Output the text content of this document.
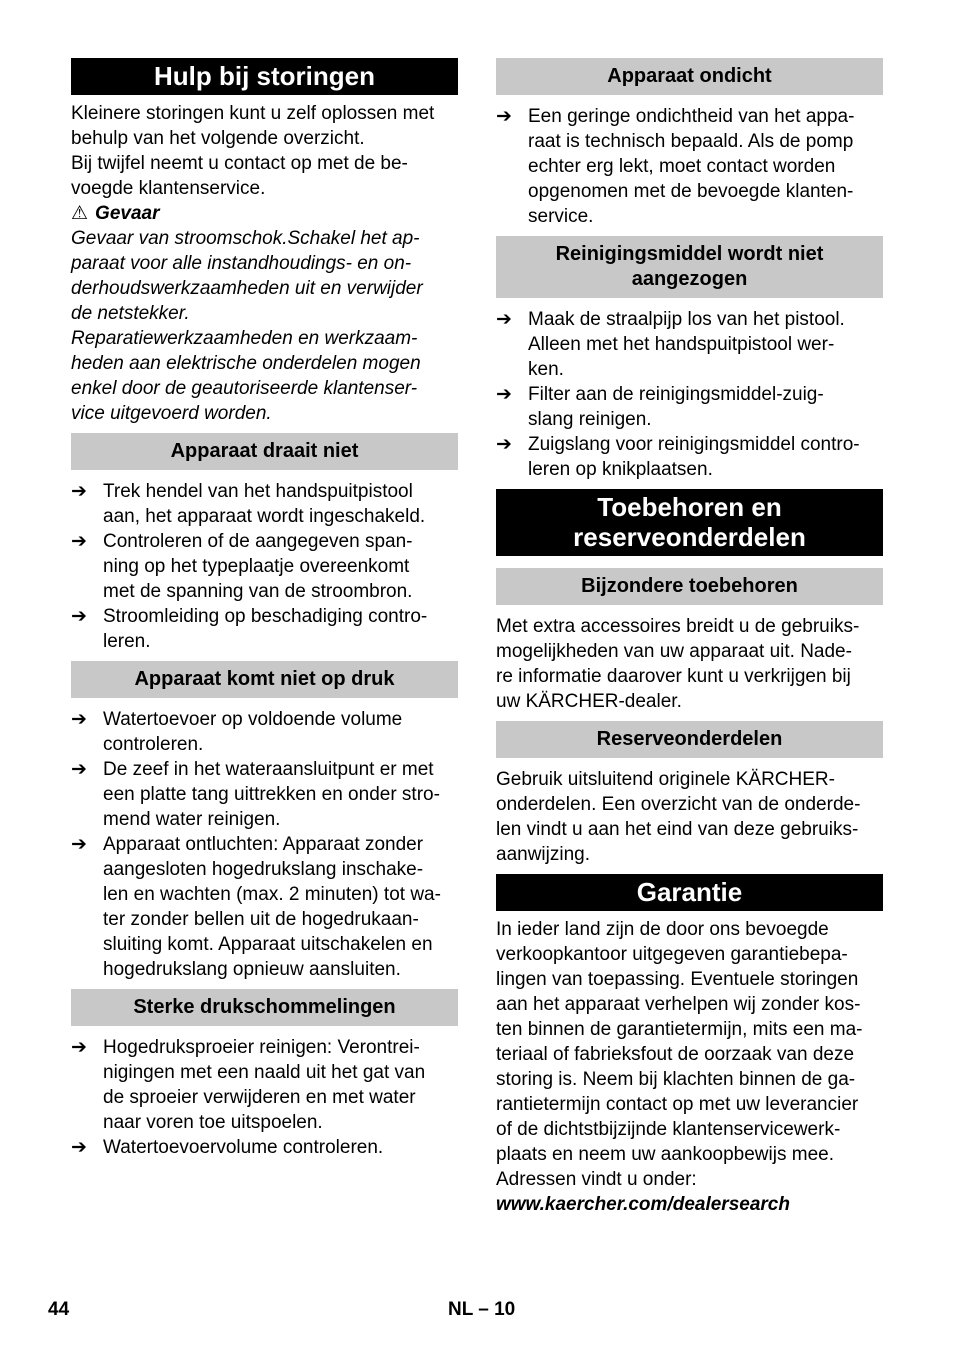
Hulp bij storingen

Kleinere storingen kunt u zelf oplossen met
behulp van het volgende overzicht.
Bij twijfel neemt u contact op met de be-
voegde klantenservice.

⚠ Gevaar

Gevaar van stroomschok.Schakel het ap-
paraat voor alle instandhoudings- en on-
derhoudswerkzaamheden uit en verwijder
de netstekker.
Reparatiewerkzaamheden en werkzaam-
heden aan elektrische onderdelen mogen
enkel door de geautoriseerde klantenser-
vice uitgevoerd worden.

Apparaat draait niet
➔ Trek hendel van het handspuitpistool
aan, het apparaat wordt ingeschakeld.
➔ Controleren of de aangegeven span-
ning op het typeplaatje overeenkomt
met de spanning van de stroombron.
➔ Stroomleiding op beschadiging contro-
leren.
Apparaat komt niet op druk
➔ Watertoevoer op voldoende volume
controleren.
➔ De zeef in het wateraansluitpunt er met
een platte tang uittrekken en onder stro-
mend water reinigen.
➔ Apparaat ontluchten: Apparaat zonder
aangesloten hogedrukslang inschake-
len en wachten (max. 2 minuten) tot wa-
ter zonder bellen uit de hogedrukaan-
sluiting komt. Apparaat uitschakelen en
hogedrukslang opnieuw aansluiten.
Sterke drukschommelingen
➔ Hogedruksproeier reinigen: Verontrei-
nigingen met een naald uit het gat van
de sproeier verwijderen en met water
naar voren toe uitspoelen.
➔ Watertoevoervolume controleren.
Apparaat ondicht
➔ Een geringe ondichtheid van het appa-
raat is technisch bepaald. Als de pomp
echter erg lekt, moet contact worden
opgenomen met de bevoegde klanten-
service.
Reinigingsmiddel wordt niet
aangezogen
➔ Maak de straalpijp los van het pistool.
Alleen met het handspuitpistool wer-
ken.
➔ Filter aan de reinigingsmiddel-zuig-
slang reinigen.
➔ Zuigslang voor reinigingsmiddel contro-
leren op knikplaatsen.
Toebehoren en
reserveonderdelen
Bijzondere toebehoren

Met extra accessoires breidt u de gebruiks-
mogelijkheden van uw apparaat uit. Nade-
re informatie daarover kunt u verkrijgen bij
uw KÄRCHER-dealer.

Reserveonderdelen

Gebruik uitsluitend originele KÄRCHER-
onderdelen. Een overzicht van de onderde-
len vindt u aan het eind van deze gebruiks-
aanwijzing.

Garantie

In ieder land zijn de door ons bevoegde
verkoopkantoor uitgegeven garantiebepa-
lingen van toepassing. Eventuele storingen
aan het apparaat verhelpen wij zonder kos-
ten binnen de garantietermijn, mits een ma-
teriaal of fabrieksfout de oorzaak van deze
storing is. Neem bij klachten binnen de ga-
rantietermijn contact op met uw leverancier
of de dichtstbijzijnde klantenservicewerk-
plaats en neem uw aankoopbewijs mee.
Adressen vindt u onder:

www.kaercher.com/dealersearch
44	NL – 10
